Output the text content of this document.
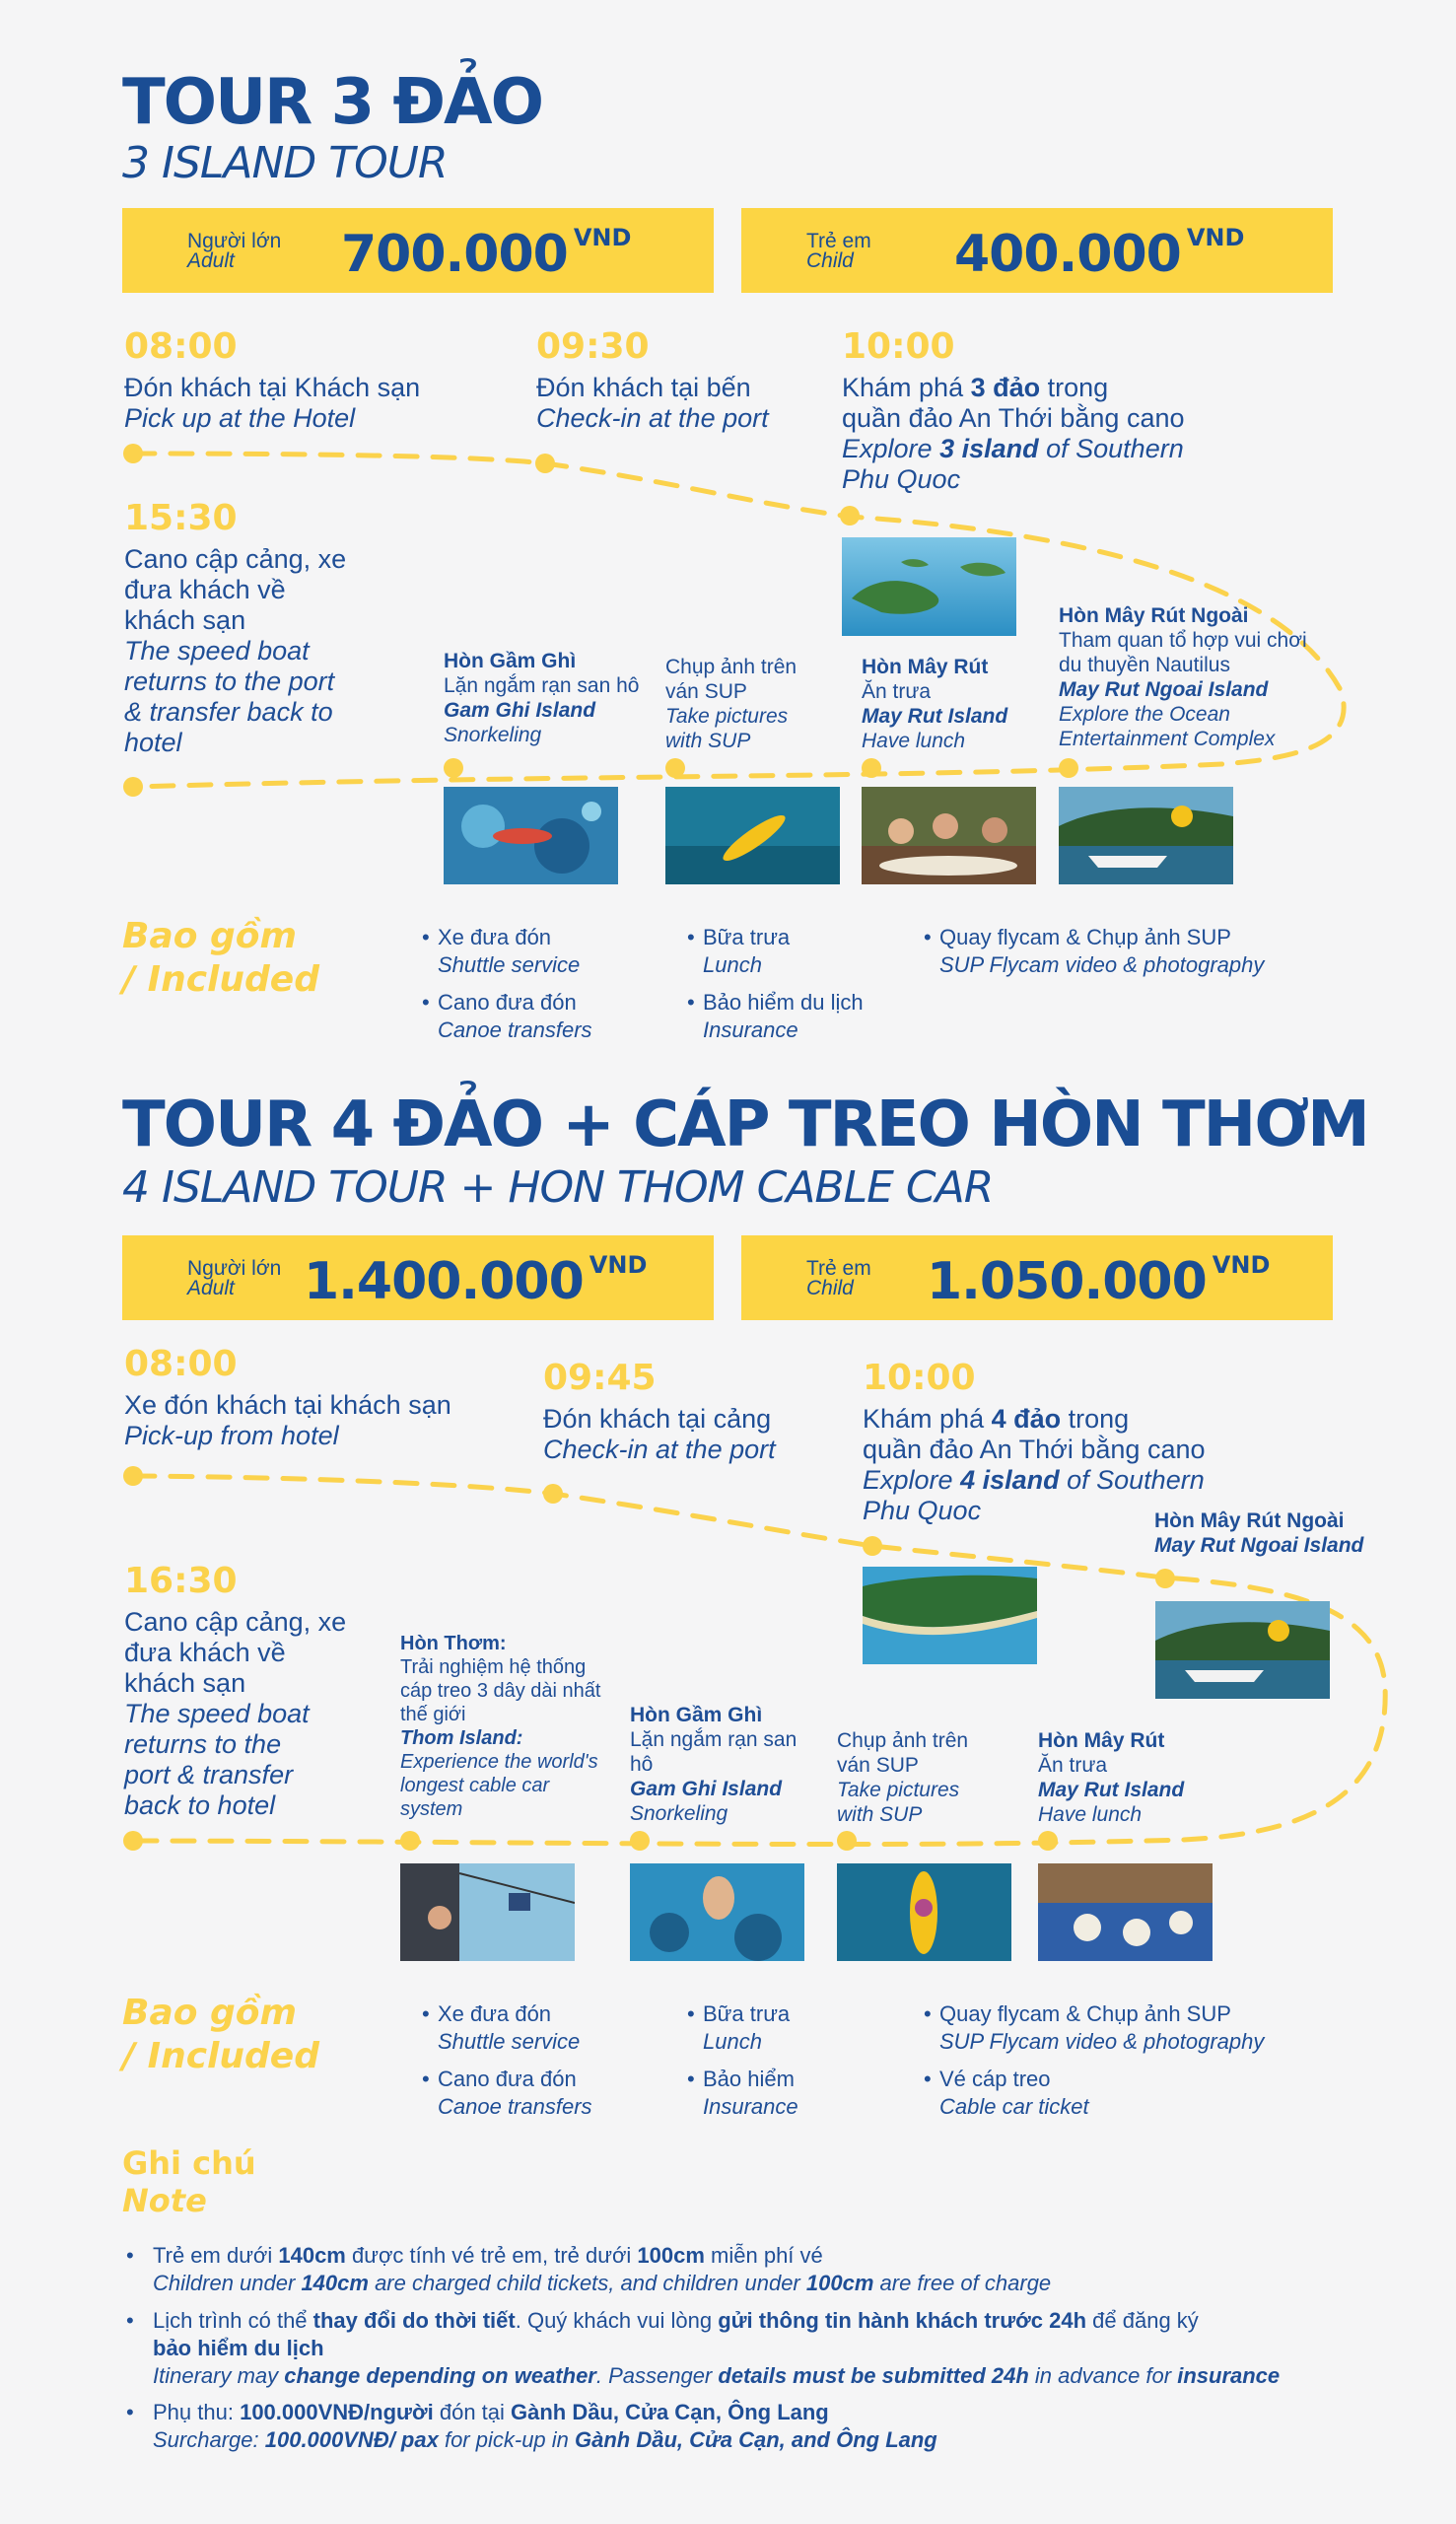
TOUR 3 ĐẢO
3 ISLAND TOUR
Người lớn
Adult	700.000 $^{VND}$	Trẻ em
Child	400.000 $^{VND}$
08:00
Đón khách tại Khách sạn
Pick up at the Hotel
09:30
Đón khách tại bến
Check-in at the port
10:00
Khám phá 3 đảo trong
quần đảo An Thới bằng cano
Explore 3 island of Southern
Phu Quoc
15:30
Cano cập cảng, xe đưa khách về khách sạn
The speed boat returns to the port & transfer back to hotel
Hòn Gầm Ghì
Lặn ngắm rạn san hô
Gam Ghi Island
Snorkeling
Chụp ảnh trên ván SUP
Take pictures with SUP
Hòn Mây Rút
Ăn trưa
May Rut Island
Have lunch
Hòn Mây Rút Ngoài
Tham quan tổ hợp vui chơi du thuyền Nautilus
May Rut Ngoai Island
Explore the Ocean Entertainment Complex
Bao gồm
/ Included
• Xe đưa đón
Shuttle service
• Cano đưa đón
Canoe transfers
• Bữa trưa
Lunch
• Bảo hiểm du lịch
Insurance
• Quay flycam & Chụp ảnh SUP
SUP Flycam video & photography
TOUR 4 ĐẢO + CÁP TREO HÒN THƠM
4 ISLAND TOUR + HON THOM CABLE CAR
Người lớn
Adult	1.400.000 $^{VND}$	Trẻ em
Child	1.050.000 $^{VND}$
08:00
Xe đón khách tại khách sạn
Pick-up from hotel
09:45
Đón khách tại cảng
Check-in at the port
10:00
Khám phá 4 đảo trong
quần đảo An Thới bằng cano
Explore 4 island of Southern
Phu Quoc
16:30
Cano cập cảng, xe đưa khách về khách sạn
The speed boat returns to the port & transfer back to hotel
Hòn Mây Rút Ngoài
May Rut Ngoai Island
Hòn Thơm:
Trải nghiệm hệ thống cáp treo 3 dây dài nhất thế giới
Thom Island:
Experience the world's longest cable car system
Hòn Gầm Ghì
Lặn ngắm rạn san hô
Gam Ghi Island
Snorkeling
Chụp ảnh trên ván SUP
Take pictures with SUP
Hòn Mây Rút
Ăn trưa
May Rut Island
Have lunch
Bao gồm
/ Included
• Xe đưa đón
Shuttle service
• Cano đưa đón
Canoe transfers
• Bữa trưa
Lunch
• Bảo hiểm
Insurance
• Quay flycam & Chụp ảnh SUP
SUP Flycam video & photography
• Vé cáp treo
Cable car ticket
Ghi chú
Note
• Trẻ em dưới 140cm được tính vé trẻ em, trẻ dưới 100cm miễn phí vé
Children under 140cm are charged child tickets, and children under 100cm are free of charge
• Lịch trình có thể thay đổi do thời tiết. Quý khách vui lòng gửi thông tin hành khách trước 24h để đăng ký
bảo hiểm du lịch
Itinerary may change depending on weather. Passenger details must be submitted 24h in advance for insurance
• Phụ thu: 100.000VNĐ/người đón tại Gành Dầu, Cửa Cạn, Ông Lang
Surcharge: 100.000VNĐ/ pax for pick-up in Gành Dầu, Cửa Cạn, and Ông Lang
